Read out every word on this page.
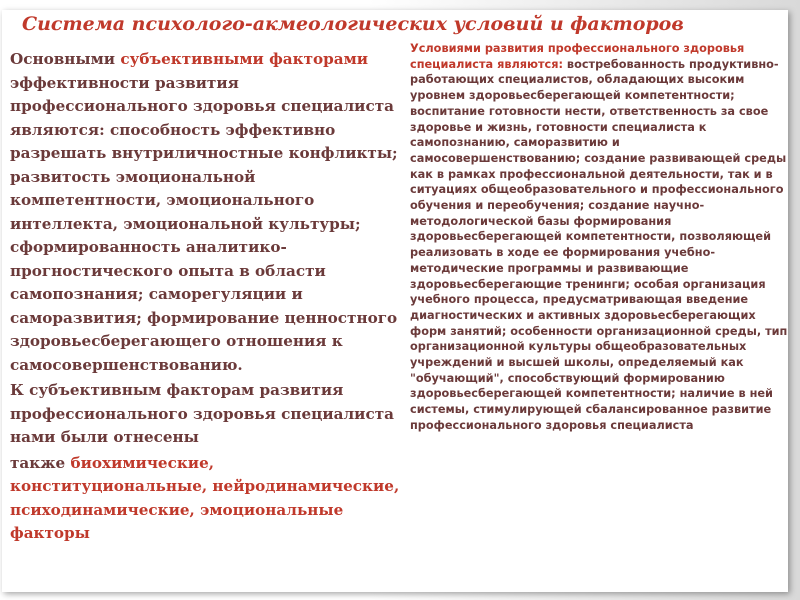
Система психолого-акмеологических условий и факторов

Основными субъективными факторами эффективности развития профессионального здоровья специалиста являются: способность эффективно разрешать внутриличностные конфликты; развитость эмоциональной компетентности, эмоционального интеллекта, эмоциональной культуры; сформированность аналитико-прогностического опыта в области самопознания; саморегуляции и саморазвития; формирование ценностного здоровьесберегающего отношения к самосовершенствованию.

К субъективным факторам развития профессионального здоровья специалиста нами были отнесены

также биохимические, конституциональные, нейродинамические, психодинамические, эмоциональные факторы

Условиями развития профессионального здоровья специалиста являются: востребованность продуктивно- работающих специалистов, обладающих высоким уровнем здоровьесберегающей компетентности; воспитание готовности нести, ответственность за свое здоровье и жизнь, готовности специалиста к самопознанию, саморазвитию и самосовершенствованию; создание развивающей среды как в рамках профессиональной деятельности, так и в ситуациях общеобразовательного и профессионального обучения и переобучения; создание научно-методологической базы формирования здоровьесберегающей компетентности, позволяющей реализовать в ходе ее формирования учебно-методические программы и развивающие здоровьесберегающие тренинги; особая организация учебного процесса, предусматривающая введение диагностических и активных здоровьесберегающих форм занятий; особенности организационной среды, тип организационной культуры общеобразовательных учреждений и высшей школы, определяемый как "обучающий", способствующий формированию здоровьесберегающей компетентности; наличие в ней системы, стимулирующей сбалансированное развитие профессионального здоровья специалиста
